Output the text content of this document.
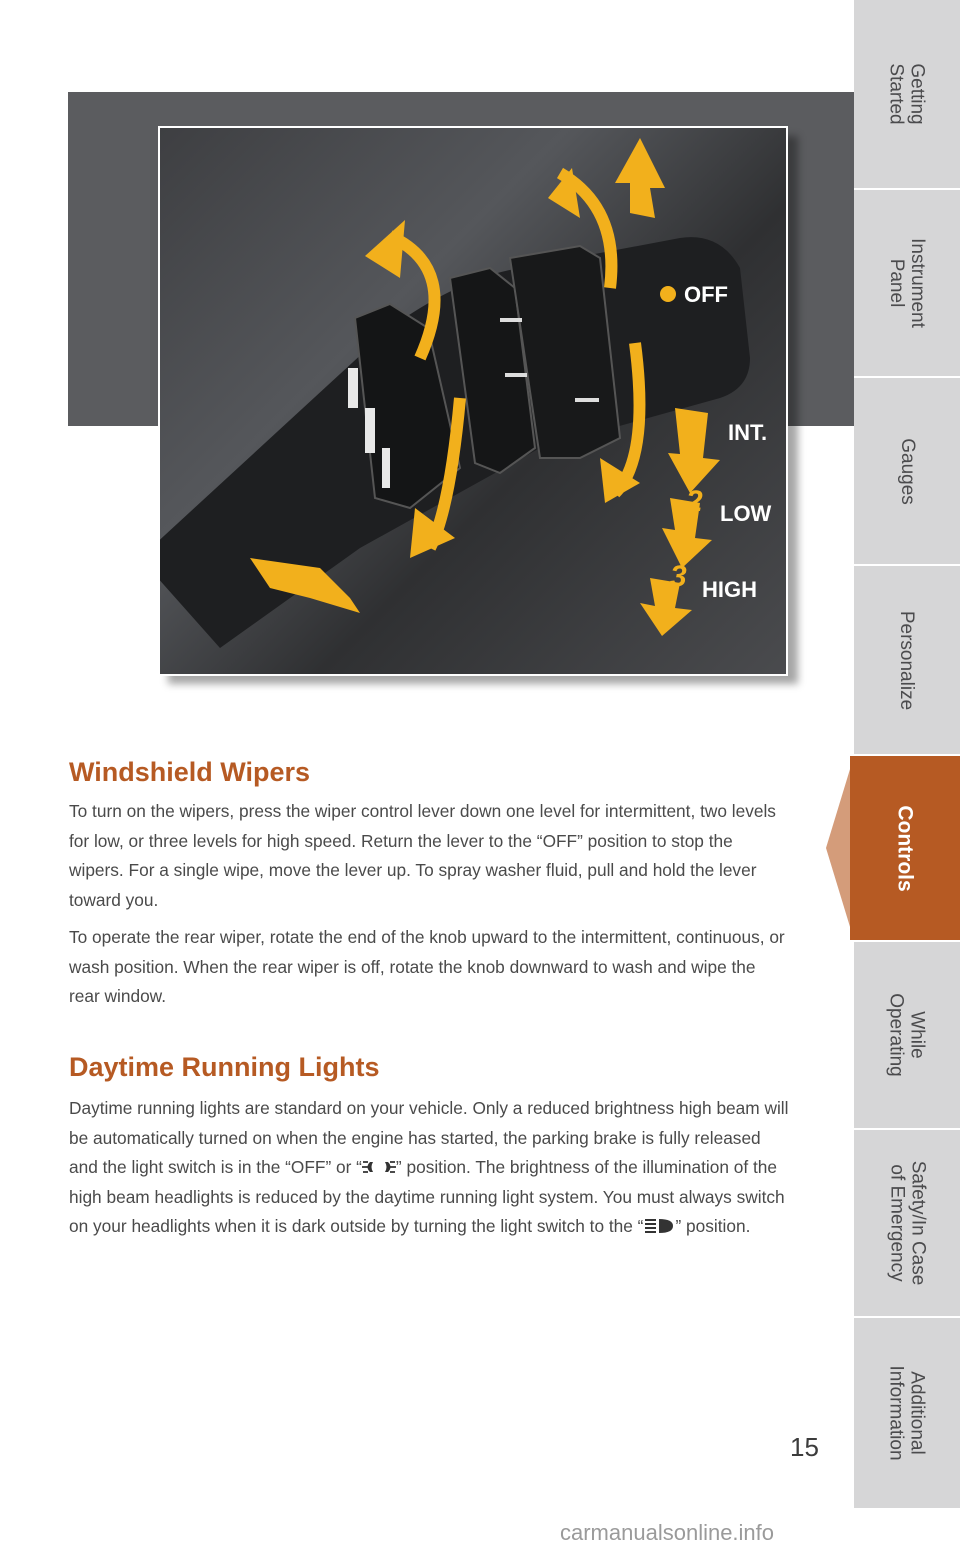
Getting
Started
Instrument
Panel
Gauges
Personalize
Controls
While
Operating
Safety/In Case
of Emergency
Additional
Information
OFF
1 INT.
2 LOW
3 HIGH
Windshield Wipers

To turn on the wipers, press the wiper control lever down one level for intermittent, two levels for low, or three levels for high speed. Return the lever to the “OFF” position to stop the wipers. For a single wipe, move the lever up. To spray washer fluid, pull and hold the lever toward you.

To operate the rear wiper, rotate the end of the knob upward to the intermittent, continuous, or wash position. When the rear wiper is off, rotate the knob downward to wash and wipe the rear window.

Daytime Running Lights

Daytime running lights are standard on your vehicle. Only a reduced brightness high beam will be automatically turned on when the engine has started, the parking brake is fully released and the light switch is in the “OFF” or “ ” position. The brightness of the illumination of the high beam headlights is reduced by the daytime running light system. You must always switch on your headlights when it is dark outside by turning the light switch to the “ ” position.

15
carmanualsonline.info
